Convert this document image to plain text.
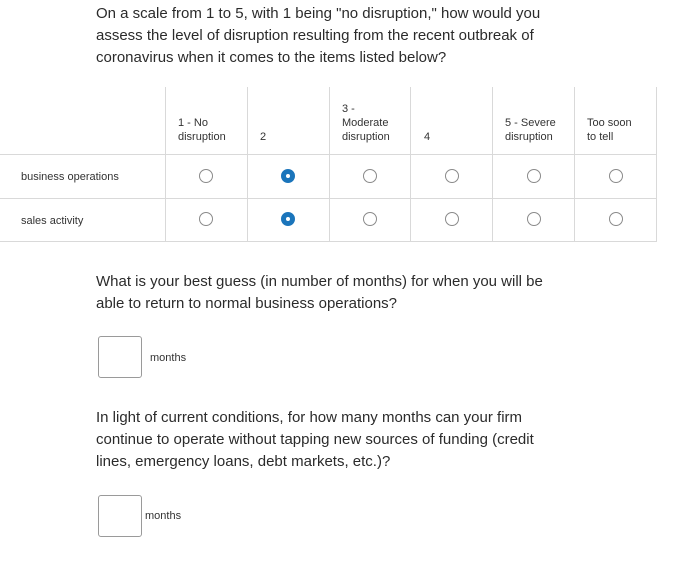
On a scale from 1 to 5, with 1 being "no disruption," how would you assess the level of disruption resulting from the recent outbreak of coronavirus when it comes to the items listed below?
1 - No
disruption	2
3 -
Moderate
disruption	4
5 - Severe
disruption
Too soon
to tell
business operations
sales activity
What is your best guess (in number of months) for when you will be able to return to normal business operations?
months
In light of current conditions, for how many months can your firm continue to operate without tapping new sources of funding (credit lines, emergency loans, debt markets, etc.)?
months
